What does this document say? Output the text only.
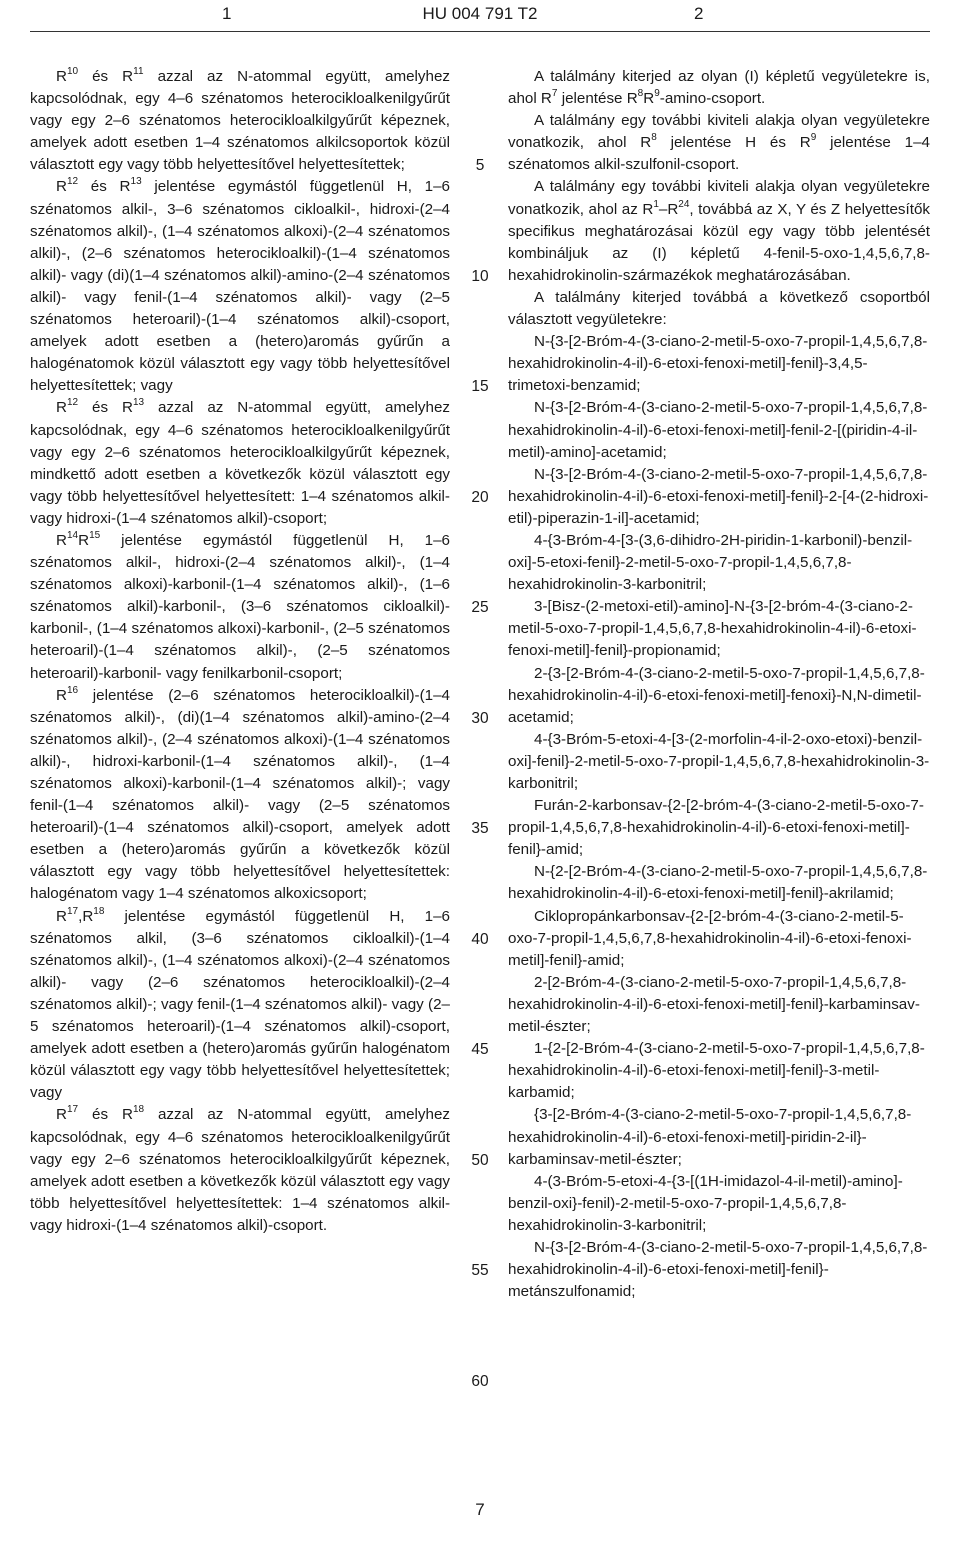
1	HU 004 791 T2	2

$R^{10}$ és $R^{11}$ azzal az N-atommal együtt, amelyhez kapcsolódnak, egy 4–6 szénatomos heterocikloalkenilgyűrűt vagy egy 2–6 szénatomos heterocikloalkilgyűrűt képeznek, amelyek adott esetben 1–4 szénatomos alkilcsoportok közül választott egy vagy több helyettesítővel helyettesítettek;

$R^{12}$ és $R^{13}$ jelentése egymástól függetlenül H, 1–6 szénatomos alkil-, 3–6 szénatomos cikloalkil-, hidroxi-(2–4 szénatomos alkil)-, (1–4 szénatomos alkoxi)-(2–4 szénatomos alkil)-, (2–6 szénatomos heterocikloalkil)-(1–4 szénatomos alkil)- vagy (di)(1–4 szénatomos alkil)-amino-(2–4 szénatomos alkil)- vagy fenil-(1–4 szénatomos alkil)- vagy (2–5 szénatomos heteroaril)-(1–4 szénatomos alkil)-csoport, amelyek adott esetben a (hetero)aromás gyűrűn a halogénatomok közül választott egy vagy több helyettesítővel helyettesítettek; vagy

$R^{12}$ és $R^{13}$ azzal az N-atommal együtt, amelyhez kapcsolódnak, egy 4–6 szénatomos heterocikloalkenilgyűrűt vagy egy 2–6 szénatomos heterocikloalkilgyűrűt képeznek, mindkettő adott esetben a következők közül választott egy vagy több helyettesítővel helyettesített: 1–4 szénatomos alkil- vagy hidroxi-(1–4 szénatomos alkil)-csoport;

$R^{14}R^{15}$ jelentése egymástól függetlenül H, 1–6 szénatomos alkil-, hidroxi-(2–4 szénatomos alkil)-, (1–4 szénatomos alkoxi)-karbonil-(1–4 szénatomos alkil)-, (1–6 szénatomos alkil)-karbonil-, (3–6 szénatomos cikloalkil)-karbonil-, (1–4 szénatomos alkoxi)-karbonil-, (2–5 szénatomos heteroaril)-(1–4 szénatomos alkil)-, (2–5 szénatomos heteroaril)-karbonil- vagy fenilkarbonil-csoport;

$R^{16}$ jelentése (2–6 szénatomos heterocikloalkil)-(1–4 szénatomos alkil)-, (di)(1–4 szénatomos alkil)-amino-(2–4 szénatomos alkil)-, (2–4 szénatomos alkoxi)-(1–4 szénatomos alkil)-, hidroxi-karbonil-(1–4 szénatomos alkil)-, (1–4 szénatomos alkoxi)-karbonil-(1–4 szénatomos alkil)-; vagy fenil-(1–4 szénatomos alkil)- vagy (2–5 szénatomos heteroaril)-(1–4 szénatomos alkil)-csoport, amelyek adott esetben a (hetero)aromás gyűrűn a következők közül választott egy vagy több helyettesítővel helyettesítettek: halogénatom vagy 1–4 szénatomos alkoxicsoport;

$R^{17},R^{18}$ jelentése egymástól függetlenül H, 1–6 szénatomos alkil, (3–6 szénatomos cikloalkil)-(1–4 szénatomos alkil)-, (1–4 szénatomos alkoxi)-(2–4 szénatomos alkil)- vagy (2–6 szénatomos heterocikloalkil)-(2–4 szénatomos alkil)-; vagy fenil-(1–4 szénatomos alkil)- vagy (2–5 szénatomos heteroaril)-(1–4 szénatomos alkil)-csoport, amelyek adott esetben a (hetero)aromás gyűrűn halogénatom közül választott egy vagy több helyettesítővel helyettesítettek; vagy

$R^{17}$ és $R^{18}$ azzal az N-atommal együtt, amelyhez kapcsolódnak, egy 4–6 szénatomos heterocikloalkenilgyűrűt vagy egy 2–6 szénatomos heterocikloalkilgyűrűt képeznek, amelyek adott esetben a következők közül választott egy vagy több helyettesítővel helyettesítettek: 1–4 szénatomos alkil- vagy hidroxi-(1–4 szénatomos alkil)-csoport.

5
10
15
20
25
30
35
40
45
50
55
60

A találmány kiterjed az olyan (I) képletű vegyületekre is, ahol $R^7$ jelentése $R^8R^9-amino$-csoport.

A találmány egy további kiviteli alakja olyan vegyületekre vonatkozik, ahol $R^8$ jelentése H és $R^9$ jelentése 1–4 szénatomos alkil-szulfonil-csoport.

A találmány egy további kiviteli alakja olyan vegyületekre vonatkozik, ahol az $R^1-R^{24}$, továbbá az X, Y és Z helyettesítők specifikus meghatározásai közül egy vagy több jelentését kombináljuk az (I) képletű 4-fenil-5-oxo-1,4,5,6,7,8-hexahidrokinolin-származékok meghatározásában.

A találmány kiterjed továbbá a következő csoportból választott vegyületekre:

N-{3-[2-Bróm-4-(3-ciano-2-metil-5-oxo-7-propil-1,4,5,6,7,8-hexahidrokinolin-4-il)-6-etoxi-fenoxi-metil]-fenil}-3,4,5-trimetoxi-benzamid;

N-{3-[2-Bróm-4-(3-ciano-2-metil-5-oxo-7-propil-1,4,5,6,7,8-hexahidrokinolin-4-il)-6-etoxi-fenoxi-metil]-fenil-2-[(piridin-4-il-metil)-amino]-acetamid;

N-{3-[2-Bróm-4-(3-ciano-2-metil-5-oxo-7-propil-1,4,5,6,7,8-hexahidrokinolin-4-il)-6-etoxi-fenoxi-metil]-fenil}-2-[4-(2-hidroxi-etil)-piperazin-1-il]-acetamid;

4-{3-Bróm-4-[3-(3,6-dihidro-2H-piridin-1-karbonil)-benzil-oxi]-5-etoxi-fenil}-2-metil-5-oxo-7-propil-1,4,5,6,7,8-hexahidrokinolin-3-karbonitril;

3-[Bisz-(2-metoxi-etil)-amino]-N-{3-[2-bróm-4-(3-ciano-2-metil-5-oxo-7-propil-1,4,5,6,7,8-hexahidrokinolin-4-il)-6-etoxi-fenoxi-metil]-fenil}-propionamid;

2-{3-[2-Bróm-4-(3-ciano-2-metil-5-oxo-7-propil-1,4,5,6,7,8-hexahidrokinolin-4-il)-6-etoxi-fenoxi-metil]-fenoxi}-N,N-dimetil-acetamid;

4-{3-Bróm-5-etoxi-4-[3-(2-morfolin-4-il-2-oxo-etoxi)-benzil-oxi]-fenil}-2-metil-5-oxo-7-propil-1,4,5,6,7,8-hexahidrokinolin-3-karbonitril;

Furán-2-karbonsav-{2-[2-bróm-4-(3-ciano-2-metil-5-oxo-7-propil-1,4,5,6,7,8-hexahidrokinolin-4-il)-6-etoxi-fenoxi-metil]-fenil}-amid;

N-{2-[2-Bróm-4-(3-ciano-2-metil-5-oxo-7-propil-1,4,5,6,7,8-hexahidrokinolin-4-il)-6-etoxi-fenoxi-metil]-fenil}-akrilamid;

Ciklopropánkarbonsav-{2-[2-bróm-4-(3-ciano-2-metil-5-oxo-7-propil-1,4,5,6,7,8-hexahidrokinolin-4-il)-6-etoxi-fenoxi-metil]-fenil}-amid;

2-[2-Bróm-4-(3-ciano-2-metil-5-oxo-7-propil-1,4,5,6,7,8-hexahidrokinolin-4-il)-6-etoxi-fenoxi-metil]-fenil}-karbaminsav-metil-észter;

1-{2-[2-Bróm-4-(3-ciano-2-metil-5-oxo-7-propil-1,4,5,6,7,8-hexahidrokinolin-4-il)-6-etoxi-fenoxi-metil]-fenil}-3-metil-karbamid;

{3-[2-Bróm-4-(3-ciano-2-metil-5-oxo-7-propil-1,4,5,6,7,8-hexahidrokinolin-4-il)-6-etoxi-fenoxi-metil]-piridin-2-il}-karbaminsav-metil-észter;

4-(3-Bróm-5-etoxi-4-{3-[(1H-imidazol-4-il-metil)-amino]-benzil-oxi}-fenil)-2-metil-5-oxo-7-propil-1,4,5,6,7,8-hexahidrokinolin-3-karbonitril;

N-{3-[2-Bróm-4-(3-ciano-2-metil-5-oxo-7-propil-1,4,5,6,7,8-hexahidrokinolin-4-il)-6-etoxi-fenoxi-metil]-fenil}-metánszulfonamid;

7
